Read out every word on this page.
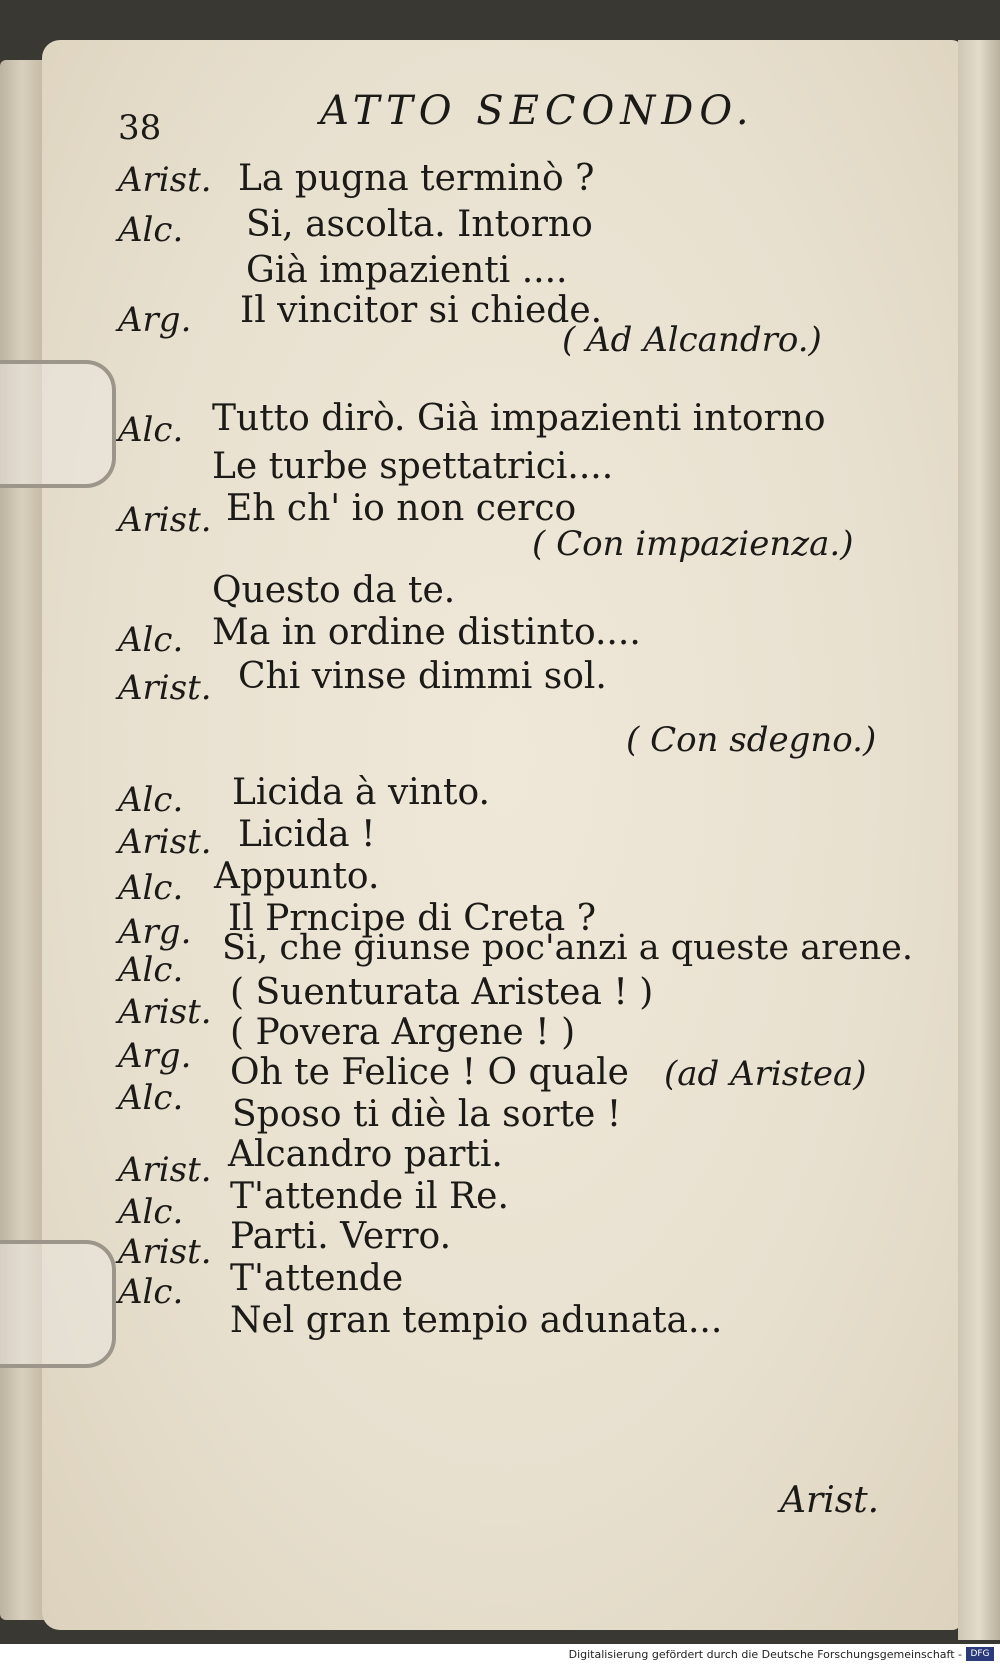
38	ATTO SECONDO.
Arist. La pugna terminò ?
Alc. Si, ascolta. Intorno
Già impazienti ....
Arg. Il vincitor si chiede.
( Ad Alcandro.)
Alc. Tutto dirò. Già impazienti intorno
Le turbe spettatrici....
Arist. Eh ch' io non cerco
( Con impazienza.)
Questo da te.
Alc. Ma in ordine distinto....
Arist. Chi vinse dimmi sol.
( Con sdegno.)
Alc. Licida à vinto.
Arist. Licida !
Alc. Appunto.
Arg. Il Prncipe di Creta ?
Alc.
Si, che giunse poc'anzi a queste arene.
Arist. ( Suenturata Aristea ! )
Arg.
( Povera Argene ! )
Alc.
Oh te Felice ! O quale (ad Aristea)
Sposo ti diè la sorte !
Arist. Alcandro parti.
Alc. T'attende il Re.
Arist. Parti. Verro.
Alc. T'attende
Nel gran tempio adunata...
Arist.
Digitalisierung gefördert durch die Deutsche Forschungsgemeinschaft - DFG
